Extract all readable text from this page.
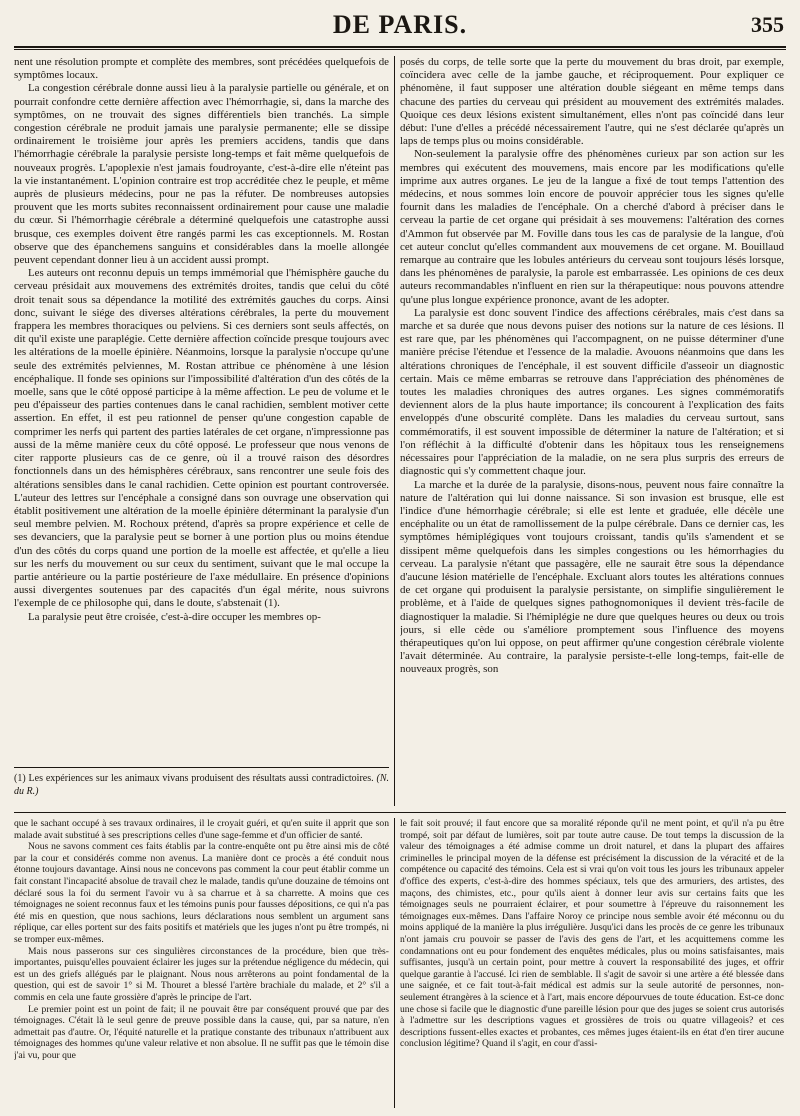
DE PARIS.	355

nent une résolution prompte et complète des membres, sont précédées quelquefois de symptômes locaux.

La congestion cérébrale donne aussi lieu à la paralysie partielle ou générale, et on pourrait confondre cette dernière affection avec l'hémorrhagie, si, dans la marche des symptômes, on ne trouvait des signes différentiels bien tranchés. La simple congestion cérébrale ne produit jamais une paralysie permanente; elle se dissipe ordinairement le troisième jour après les premiers accidens, tandis que dans l'hémorrhagie cérébrale la paralysie persiste long-temps et fait même quelquefois de nouveaux progrès. L'apoplexie n'est jamais foudroyante, c'est-à-dire elle n'éteint pas la vie instantanément. L'opinion contraire est trop accréditée chez le peuple, et même auprès de plusieurs médecins, pour ne pas la réfuter. De nombreuses autopsies prouvent que les morts subites reconnaissent ordinairement pour cause une maladie du cœur. Si l'hémorrhagie cérébrale a déterminé quelquefois une catastrophe aussi brusque, ces exemples doivent être rangés parmi les cas exceptionnels. M. Rostan observe que des épanchemens sanguins et considérables dans la moelle allongée peuvent cependant donner lieu à un accident aussi prompt.

Les auteurs ont reconnu depuis un temps immémorial que l'hémisphère gauche du cerveau présidait aux mouvemens des extrémités droites, tandis que celui du côté droit tenait sous sa dépendance la motilité des extrémités gauches du corps. Ainsi donc, suivant le siége des diverses altérations cérébrales, la perte du mouvement frappera les membres thoraciques ou pelviens. Si ces derniers sont seuls affectés, on dit qu'il existe une paraplégie. Cette dernière affection coïncide presque toujours avec les altérations de la moelle épinière. Néanmoins, lorsque la paralysie n'occupe qu'une seule des extrémités pelviennes, M. Rostan attribue ce phénomène à une lésion encéphalique. Il fonde ses opinions sur l'impossibilité d'altération d'un des côtés de la moelle, sans que le côté opposé participe à la même affection. Le peu de volume et le peu d'épaisseur des parties contenues dans le canal rachidien, semblent motiver cette assertion. En effet, il est peu rationnel de penser qu'une congestion capable de comprimer les nerfs qui partent des parties latérales de cet organe, n'impressionne pas aussi de la même manière ceux du côté opposé. Le professeur que nous venons de citer rapporte plusieurs cas de ce genre, où il a trouvé raison des désordres fonctionnels dans un des hémisphères cérébraux, sans rencontrer une seule fois des altérations sensibles dans le canal rachidien. Cette opinion est pourtant controversée. L'auteur des lettres sur l'encéphale a consigné dans son ouvrage une observation qui établit positivement une altération de la moelle épinière déterminant la paralysie d'un seul membre pelvien. M. Rochoux prétend, d'après sa propre expérience et celle de ses devanciers, que la paralysie peut se borner à une portion plus ou moins étendue d'un des côtés du corps quand une portion de la moelle est affectée, et qu'elle a lieu sur les nerfs du mouvement ou sur ceux du sentiment, suivant que le mal occupe la partie antérieure ou la partie postérieure de l'axe médullaire. En présence d'opinions aussi divergentes soutenues par des capacités d'un égal mérite, nous suivrons l'exemple de ce philosophe qui, dans le doute, s'abstenait (1).

La paralysie peut être croisée, c'est-à-dire occuper les membres op-

posés du corps, de telle sorte que la perte du mouvement du bras droit, par exemple, coïncidera avec celle de la jambe gauche, et réciproquement. Pour expliquer ce phénomène, il faut supposer une altération double siégeant en même temps dans chacune des parties du cerveau qui président au mouvement des extrémités malades. Quoique ces deux lésions existent simultanément, elles n'ont pas coïncidé dans leur début: l'une d'elles a précédé nécessairement l'autre, qui ne s'est déclarée qu'après un laps de temps plus ou moins considérable.

Non-seulement la paralysie offre des phénomènes curieux par son action sur les membres qui exécutent des mouvemens, mais encore par les modifications qu'elle imprime aux autres organes. Le jeu de la langue a fixé de tout temps l'attention des médecins, et nous sommes loin encore de pouvoir apprécier tous les signes qu'elle fournit dans les maladies de l'encéphale. On a cherché d'abord à préciser dans le cerveau la partie de cet organe qui présidait à ses mouvemens: l'altération des cornes d'Ammon fut observée par M. Foville dans tous les cas de paralysie de la langue, d'où cet auteur conclut qu'elles commandent aux mouvemens de cet organe. M. Bouillaud remarque au contraire que les lobules antérieurs du cerveau sont toujours lésés lorsque, dans les phénomènes de paralysie, la parole est embarrassée. Les opinions de ces deux auteurs recommandables n'influent en rien sur la thérapeutique: nous pouvons attendre qu'une plus longue expérience prononce, avant de les adopter.

La paralysie est donc souvent l'indice des affections cérébrales, mais c'est dans sa marche et sa durée que nous devons puiser des notions sur la nature de ces lésions. Il est rare que, par les phénomènes qui l'accompagnent, on ne puisse déterminer d'une manière précise l'étendue et l'essence de la maladie. Avouons néanmoins que dans les altérations chroniques de l'encéphale, il est souvent difficile d'asseoir un diagnostic certain. Mais ce même embarras se retrouve dans l'appréciation des phénomènes de toutes les maladies chroniques des autres organes. Les signes commémoratifs deviennent alors de la plus haute importance; ils concourent à l'explication des faits enveloppés d'une obscurité complète. Dans les maladies du cerveau surtout, sans commémoratifs, il est souvent impossible de déterminer la nature de l'altération; et si l'on réfléchit à la difficulté d'obtenir dans les hôpitaux tous les renseignemens nécessaires pour l'appréciation de la maladie, on ne sera plus surpris des erreurs de diagnostic qui s'y commettent chaque jour.

La marche et la durée de la paralysie, disons-nous, peuvent nous faire connaître la nature de l'altération qui lui donne naissance. Si son invasion est brusque, elle est l'indice d'une hémorrhagie cérébrale; si elle est lente et graduée, elle décèle une encéphalite ou un état de ramollissement de la pulpe cérébrale. Dans ce dernier cas, les symptômes hémiplégiques vont toujours croissant, tandis qu'ils s'amendent et se dissipent même quelquefois dans les simples congestions ou les hémorrhagies du cerveau. La paralysie n'étant que passagère, elle ne saurait être sous la dépendance d'aucune lésion matérielle de l'encéphale. Excluant alors toutes les altérations connues de cet organe qui produisent la paralysie persistante, on simplifie singulièrement le problème, et à l'aide de quelques signes pathognomoniques il devient très-facile de diagnostiquer la maladie. Si l'hémiplégie ne dure que quelques heures ou deux ou trois jours, si elle cède ou s'améliore promptement sous l'influence des moyens thérapeutiques qu'on lui oppose, on peut affirmer qu'une congestion cérébrale violente l'avait déterminée. Au contraire, la paralysie persiste-t-elle long-temps, fait-elle de nouveaux progrès, son

(1) Les expériences sur les animaux vivans produisent des résultats aussi contradictoires. (N. du R.)

que le sachant occupé à ses travaux ordinaires, il le croyait guéri, et qu'en suite il apprit que son malade avait substitué à ses prescriptions celles d'une sage-femme et d'un officier de santé.

Nous ne savons comment ces faits établis par la contre-enquête ont pu être ainsi mis de côté par la cour et considérés comme non avenus. La manière dont ce procès a été conduit nous étonne toujours davantage. Ainsi nous ne concevons pas comment la cour peut établir comme un fait constant l'incapacité absolue de travail chez le malade, tandis qu'une douzaine de témoins ont déclaré sous la foi du serment l'avoir vu à sa charrue et à sa charrette. A moins que ces témoignages ne soient reconnus faux et les témoins punis pour fausses dépositions, ce qui n'a pas été mis en question, que nous sachions, leurs déclarations nous semblent un argument sans réplique, car elles portent sur des faits positifs et matériels que les juges n'ont pu être trompés, ni se tromper eux-mêmes.

Mais nous passerons sur ces singulières circonstances de la procédure, bien que très-importantes, puisqu'elles pouvaient éclairer les juges sur la prétendue négligence du médecin, qui est un des griefs allégués par le plaignant. Nous nous arrêterons au point fondamental de la question, qui est de savoir 1° si M. Thouret a blessé l'artère brachiale du malade, et 2° s'il a commis en cela une faute grossière d'après le principe de l'art.

Le premier point est un point de fait; il ne pouvait être par conséquent prouvé que par des témoignages. C'était là le seul genre de preuve possible dans la cause, qui, par sa nature, n'en admettait pas d'autre. Or, l'équité naturelle et la pratique constante des tribunaux n'attribuent aux témoignages des hommes qu'une valeur relative et non absolue. Il ne suffit pas que le témoin dise j'ai vu, pour que

le fait soit prouvé; il faut encore que sa moralité réponde qu'il ne ment point, et qu'il n'a pu être trompé, soit par défaut de lumières, soit par toute autre cause. De tout temps la discussion de la valeur des témoignages a été admise comme un droit naturel, et dans la plupart des affaires criminelles le principal moyen de la défense est précisément la discussion de la véracité et de la compétence ou capacité des témoins. Cela est si vrai qu'on voit tous les jours les tribunaux appeler d'office des experts, c'est-à-dire des hommes spéciaux, tels que des armuriers, des artistes, des maçons, des chimistes, etc., pour qu'ils aient à donner leur avis sur certains faits que les témoignages seuls ne pourraient éclairer, et pour soumettre à l'épreuve du raisonnement les témoignages eux-mêmes. Dans l'affaire Noroy ce principe nous semble avoir été méconnu ou du moins appliqué de la manière la plus irrégulière. Jusqu'ici dans les procès de ce genre les tribunaux n'ont jamais cru pouvoir se passer de l'avis des gens de l'art, et les acquittemens comme les condamnations ont eu pour fondement des enquêtes médicales, plus ou moins satisfaisantes, mais suffisantes, jusqu'à un certain point, pour mettre à couvert la responsabilité des juges, et offrir quelque garantie à l'accusé. Ici rien de semblable. Il s'agit de savoir si une artère a été blessée dans une saignée, et ce fait tout-à-fait médical est admis sur la seule autorité de personnes, non-seulement étrangères à la science et à l'art, mais encore dépourvues de toute éducation. Est-ce donc une chose si facile que le diagnostic d'une pareille lésion pour que des juges se soient crus autorisés à l'admettre sur les descriptions vagues et grossières de trois ou quatre villageois? et ces descriptions fussent-elles exactes et probantes, ces mêmes juges étaient-ils en état d'en tirer aucune conclusion légitime? Quand il s'agit, en cour d'assi-
